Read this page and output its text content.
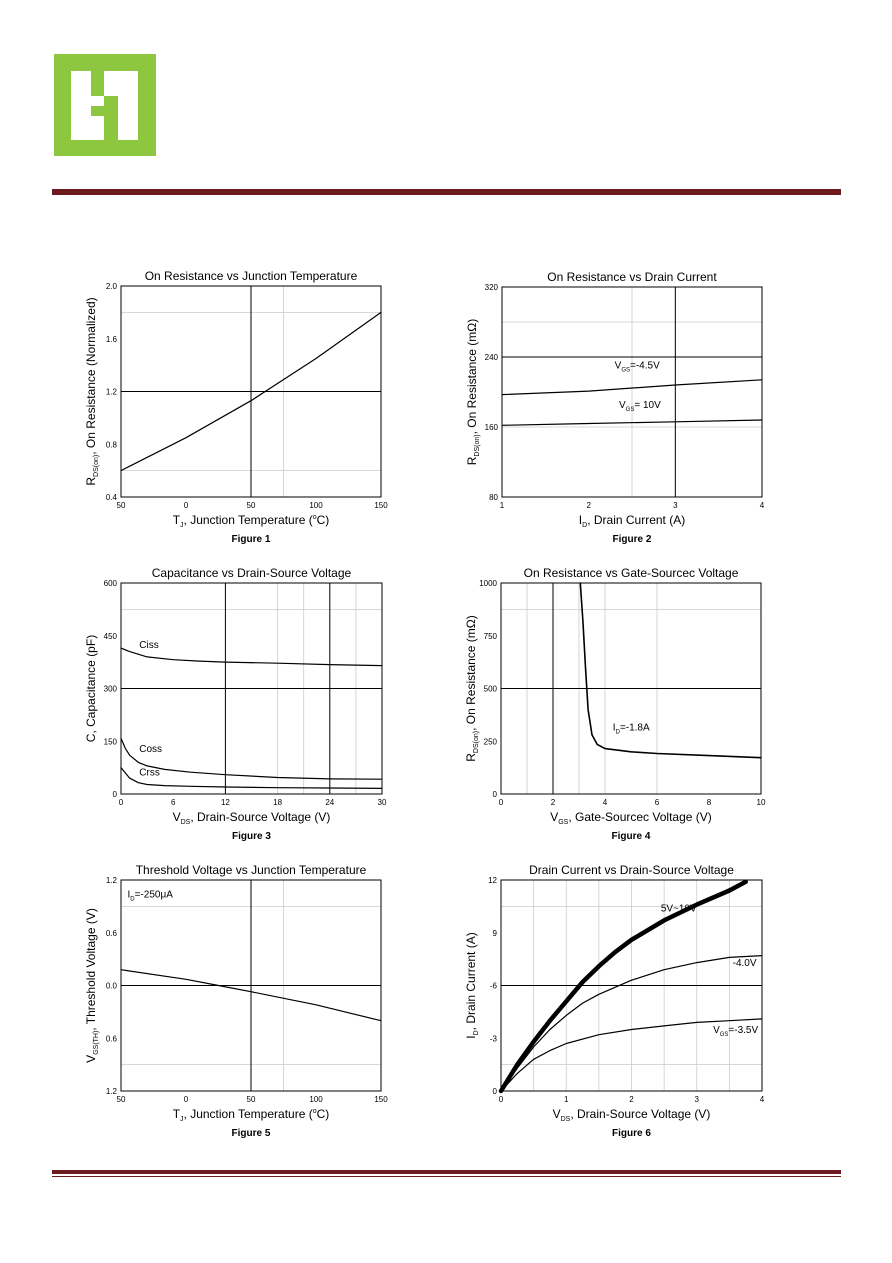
50	0	50	100	150
0.4
0.8
1.2
1.6
2.0
On Resistance vs Junction Temperature
$T_J$, Junction Temperature ($^o$C)
$R_{DS(on)}$, On Resistance (Normalized)
Figure 1
1	2	3	4
80
160
240
320
$V_{GS}=-4.5V$
$V_{GS}= 10V$
On Resistance vs Drain Current
$I_D$, Drain Current (A)
$R_{DS(on)}$, On Resistance (mΩ)
Figure 2
0	6	12	18	24	30
0
150
300
450
600
Ciss
Coss
Crss
Capacitance vs Drain-Source Voltage
$V_{DS}$, Drain-Source Voltage (V)
C, Capacitance (pF)
Figure 3
0	2	4	6	8	10
0
250
500
750
1000
$I_D=-1.8A$
On Resistance vs Gate-Sourcec Voltage
$V_{GS}$, Gate-Sourcec Voltage (V)
$R_{DS(on)}$, On Resistance (mΩ)
Figure 4
50	0	50	100	150
1.2
0.6
0.0
0.6
1.2
$I_D=-250\mu A$
Threshold Voltage vs Junction Temperature
$T_J$, Junction Temperature ($^o$C)
$V_{GS(TH)}$, Threshold Voltage (V)
Figure 5
0	1	2	3	4
0
-3
-6
9
12
5V~10V
-4.0V
$V_{GS}=-3.5V$
Drain Current vs Drain-Source Voltage
$V_{DS}$, Drain-Source Voltage (V)
$I_D$, Drain Current (A)
Figure 6
